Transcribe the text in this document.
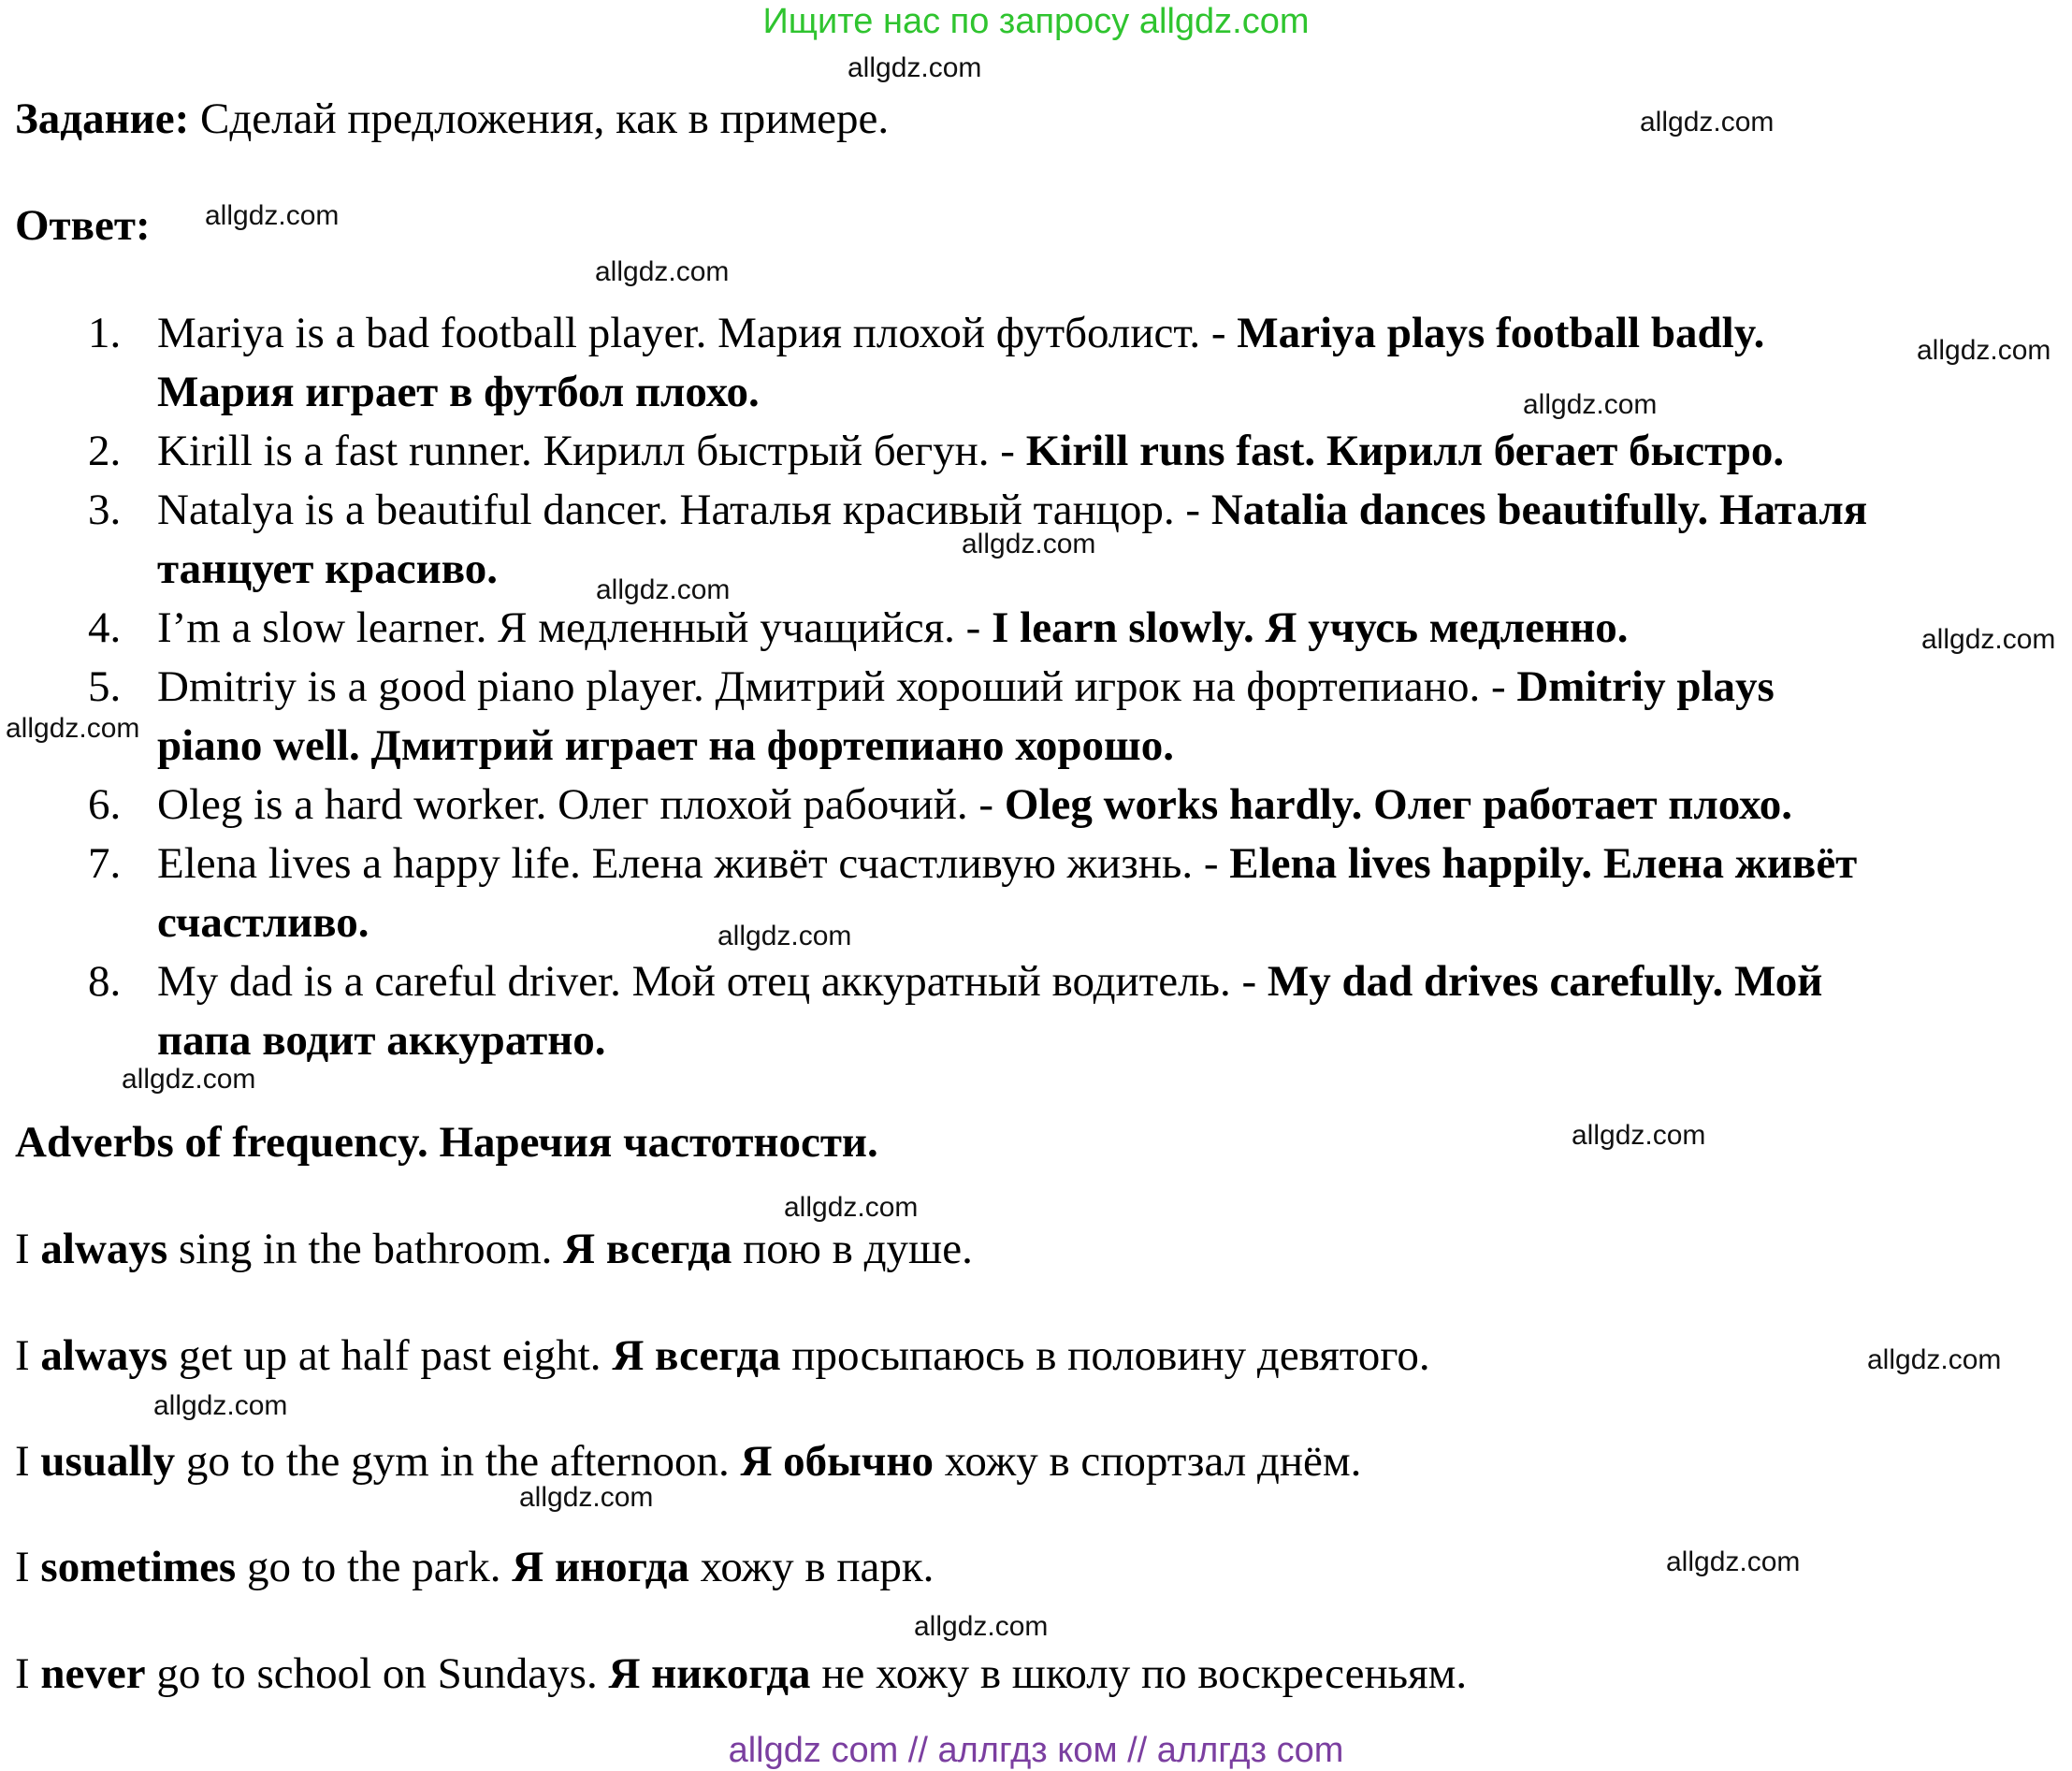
Ищите нас по запросу allgdz.com
Задание: Сделай предложения, как в примере.
Ответ:
1. Mariya is a bad football player. Мария плохой футболист. - Mariya plays football badly.
Мария играет в футбол плохо.
2. Kirill is a fast runner. Кирилл быстрый бегун. - Kirill runs fast. Кирилл бегает быстро.
3. Natalya is a beautiful dancer. Наталья красивый танцор. - Natalia dances beautifully. Наталя
танцует красиво.
4. I’m a slow learner. Я медленный учащийся. - I learn slowly. Я учусь медленно.
5. Dmitriy is a good piano player. Дмитрий хороший игрок на фортепиано. - Dmitriy plays
piano well. Дмитрий играет на фортепиано хорошо.
6. Oleg is a hard worker. Олег плохой рабочий. - Oleg works hardly. Олег работает плохо.
7. Elena lives a happy life. Елена живёт счастливую жизнь. - Elena lives happily. Елена живёт
счастливо.
8. My dad is a careful driver. Мой отец аккуратный водитель. - My dad drives carefully. Мой
папа водит аккуратно.
Adverbs of frequency. Наречия частотности.
I always sing in the bathroom. Я всегда пою в душе.
I always get up at half past eight. Я всегда просыпаюсь в половину девятого.
I usually go to the gym in the afternoon. Я обычно хожу в спортзал днём.
I sometimes go to the park. Я иногда хожу в парк.
I never go to school on Sundays. Я никогда не хожу в школу по воскресеньям.
allgdz.com
allgdz.com
allgdz.com
allgdz.com
allgdz.com
allgdz.com
allgdz.com
allgdz.com
allgdz.com
allgdz.com
allgdz.com
allgdz.com
allgdz.com
allgdz.com
allgdz.com
allgdz.com
allgdz.com
allgdz.com
allgdz.com
allgdz com // аллгдз ком // аллгдз com
